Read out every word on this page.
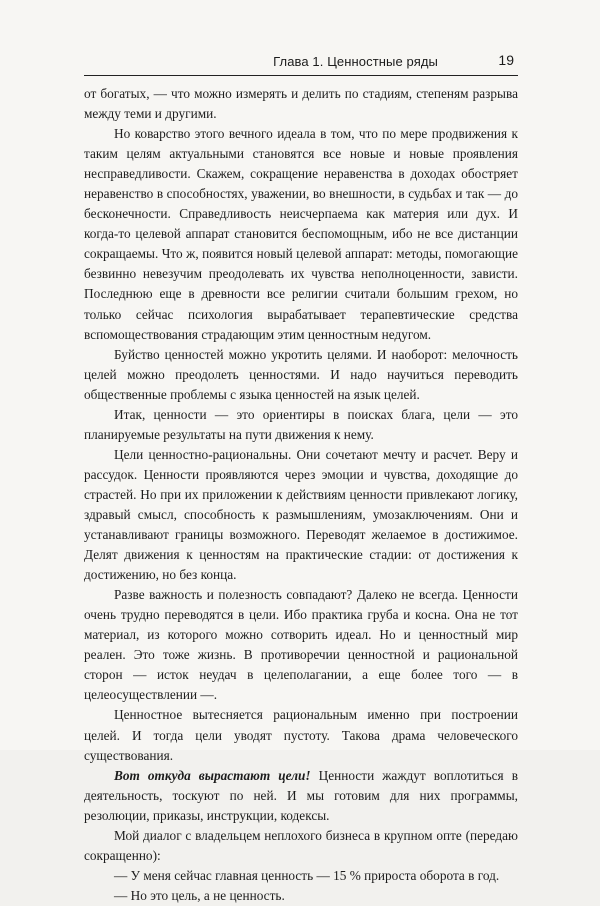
Глава 1. Ценностные ряды	19

от богатых, — что можно измерять и делить по стадиям, степеням разрыва между теми и другими.

Но коварство этого вечного идеала в том, что по мере продвижения к таким целям актуальными становятся все новые и новые проявления несправедливости. Скажем, сокращение неравенства в доходах обостряет неравенство в способностях, уважении, во внешности, в судьбах и так — до бесконечности. Справедливость неисчерпаема как материя или дух. И когда-то целевой аппарат становится беспомощным, ибо не все дистанции сокращаемы. Что ж, появится новый целевой аппарат: методы, помогающие безвинно невезучим преодолевать их чувства неполноценности, зависти. Последнюю еще в древности все религии считали большим грехом, но только сейчас психология вырабатывает терапевтические средства вспомоществования страдающим этим ценностным недугом.

Буйство ценностей можно укротить целями. И наоборот: мелочность целей можно преодолеть ценностями. И надо научиться переводить общественные проблемы с языка ценностей на язык целей.

Итак, ценности — это ориентиры в поисках блага, цели — это планируемые результаты на пути движения к нему.

Цели ценностно-рациональны. Они сочетают мечту и расчет. Веру и рассудок. Ценности проявляются через эмоции и чувства, доходящие до страстей. Но при их приложении к действиям ценности привлекают логику, здравый смысл, способность к размышлениям, умозаключениям. Они и устанавливают границы возможного. Переводят желаемое в достижимое. Делят движения к ценностям на практические стадии: от достижения к достижению, но без конца.

Разве важность и полезность совпадают? Далеко не всегда. Ценности очень трудно переводятся в цели. Ибо практика груба и косна. Она не тот материал, из которого можно сотворить идеал. Но и ценностный мир реален. Это тоже жизнь. В противоречии ценностной и рациональной сторон — исток неудач в целеполагании, а еще более того — в целеосуществлении —.

Ценностное вытесняется рациональным именно при построении целей. И тогда цели уводят пустоту. Такова драма человеческого существования.

Вот откуда вырастают цели! Ценности жаждут воплотиться в деятельность, тоскуют по ней. И мы готовим для них программы, резолюции, приказы, инструкции, кодексы.

Мой диалог с владельцем неплохого бизнеса в крупном опте (передаю сокращенно):

— У меня сейчас главная ценность — 15 % прироста оборота в год.

— Но это цель, а не ценность.
